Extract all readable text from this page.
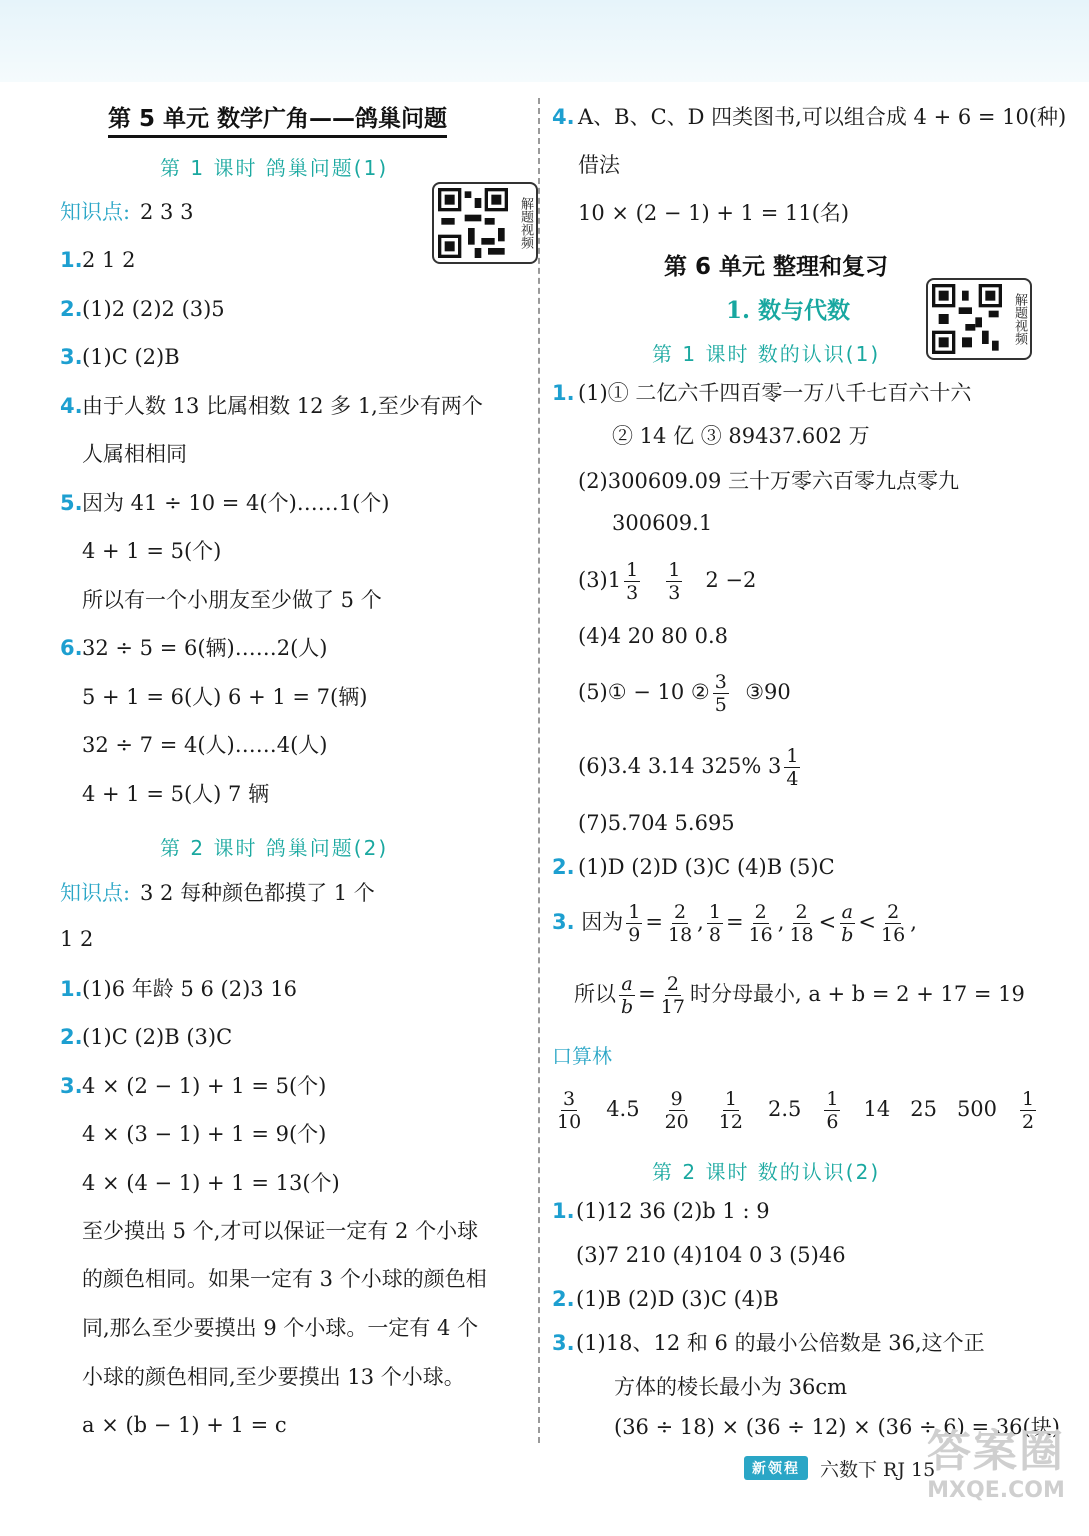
第 5 单元 数学广角——鸽巢问题
第 1 课时 鸽巢问题(1)
解题视频
知识点: 2 3 3
1. 2 1 2
2. (1)2 (2)2 (3)5
3. (1)C (2)B
4. 由于人数 13 比属相数 12 多 1,至少有两个
人属相相同
5. 因为 41 ÷ 10 = 4(个)……1(个)
4 + 1 = 5(个)
所以有一个小朋友至少做了 5 个
6. 32 ÷ 5 = 6(辆)……2(人)
5 + 1 = 6(人) 6 + 1 = 7(辆)
32 ÷ 7 = 4(人)……4(人)
4 + 1 = 5(人) 7 辆
第 2 课时 鸽巢问题(2)
知识点: 3 2 每种颜色都摸了 1 个
1 2
1. (1)6 年龄 5 6 (2)3 16
2. (1)C (2)B (3)C
3. 4 × (2 − 1) + 1 = 5(个)
4 × (3 − 1) + 1 = 9(个)
4 × (4 − 1) + 1 = 13(个)
至少摸出 5 个,才可以保证一定有 2 个小球
的颜色相同。如果一定有 3 个小球的颜色相
同,那么至少要摸出 9 个小球。一定有 4 个
小球的颜色相同,至少要摸出 13 个小球。
a × (b − 1) + 1 = c
4. A、B、C、D 四类图书,可以组合成 4 + 6 = 10(种)
借法
10 × (2 − 1) + 1 = 11(名)
第 6 单元 整理和复习
解题视频
1. 数与代数
第 1 课时 数的认识(1)
1. (1)① 二亿六千四百零一万八千七百六十六
② 14 亿 ③ 89437.602 万
(2)300609.09 三十万零六百零九点零九
300609.1
$(3)1 \frac{1}{3}$
$\frac{1}{3} 2 -2$
(4)4 20 80 0.8
(5)① − 10 ② $\frac{3}{5}$ ③90
(6)3.4 3.14 325% $3 \frac{1}{4}$
(7)5.704 5.695
2. (1)D (2)D (3)C (4)B (5)C
3. 因为 $\frac{1}{9} = \frac{2}{18}$ , $\frac{1}{8} = \frac{2}{16}$ , $\frac{2}{18} < \frac{a}{b} < \frac{2}{16}$ ,
所以 $\frac{a}{b} = \frac{2}{17}$ 时分母最小, a + b = 2 + 17 = 19
口算林
$\frac{3}{10} 4.5 \frac{9}{20} \frac{1}{12} 2.5 \frac{1}{6} 14$ 25 $500 \frac{1}{2}$
第 2 课时 数的认识(2)
1. (1)12 36 (2)b 1 : 9
(3)7 210 (4)104 0 3 (5)46
2. (1)B (2)D (3)C (4)B
3. (1)18、12 和 6 的最小公倍数是 36,这个正
方体的棱长最小为 36cm
(36 ÷ 18) × (36 ÷ 12) × (36 ÷ 6) = 36(块)
新领程	六数下 RJ 15
答案圈
MXQE.COM
